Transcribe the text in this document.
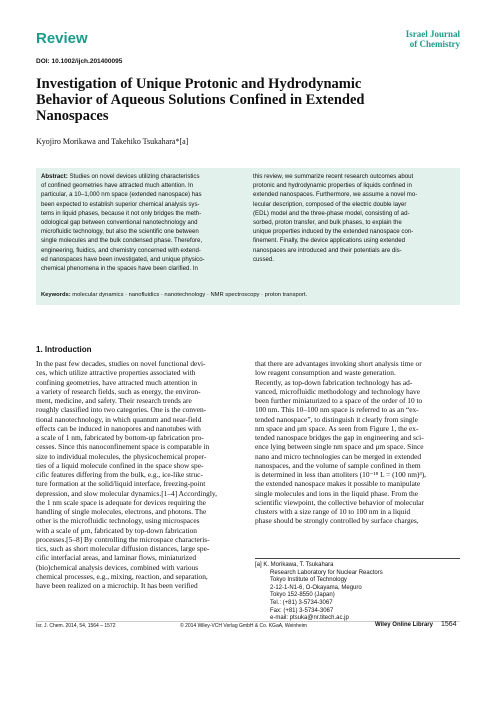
Review	Israel Journal
of Chemistry
DOI: 10.1002/ijch.201400095
Investigation of Unique Protonic and Hydrodynamic
Behavior of Aqueous Solutions Confined in Extended
Nanospaces
Kyojiro Morikawa and Takehiko Tsukahara*[a]
Abstract: Studies on novel devices utilizing characteristics
of confined geometries have attracted much attention. In
particular, a 10–1,000 nm space (extended nanospace) has
been expected to establish superior chemical analysis sys-
tems in liquid phases, because it not only bridges the meth-
odological gap between conventional nanotechnology and
microfluidic technology, but also the scientific one between
single molecules and the bulk condensed phase. Therefore,
engineering, fluidics, and chemistry concerned with extend-
ed nanospaces have been investigated, and unique physico-
chemical phenomena in the spaces have been clarified. In
this review, we summarize recent research outcomes about
protonic and hydrodynamic properties of liquids confined in
extended nanospaces. Furthermore, we assume a novel mo-
lecular description, composed of the electric double layer
(EDL) model and the three-phase model, consisting of ad-
sorbed, proton transfer, and bulk phases, to explain the
unique properties induced by the extended nanospace con-
finement. Finally, the device applications using extended
nanospaces are introduced and their potentials are dis-
cussed.
Keywords: molecular dynamics · nanofluidics · nanotechnology · NMR spectroscopy · proton transport.
1. Introduction
In the past few decades, studies on novel functional devi-
ces, which utilize attractive properties associated with
confining geometries, have attracted much attention in
a variety of research fields, such as energy, the environ-
ment, medicine, and safety. Their research trends are
roughly classified into two categories. One is the conven-
tional nanotechnology, in which quantum and near-field
effects can be induced in nanopores and nanotubes with
a scale of 1 nm, fabricated by bottom-up fabrication pro-
cesses. Since this nanoconfinement space is comparable in
size to individual molecules, the physicochemical proper-
ties of a liquid molecule confined in the space show spe-
cific features differing from the bulk, e.g., ice-like struc-
ture formation at the solid/liquid interface, freezing-point
depression, and slow molecular dynamics.[1–4] Accordingly,
the 1 nm scale space is adequate for devices requiring the
handling of single molecules, electrons, and photons. The
other is the microfluidic technology, using microspaces
with a scale of μm, fabricated by top-down fabrication
processes.[5–8] By controlling the microspace characteris-
tics, such as short molecular diffusion distances, large spe-
cific interfacial areas, and laminar flows, miniaturized
(bio)chemical analysis devices, combined with various
chemical processes, e.g., mixing, reaction, and separation,
have been realized on a microchip. It has been verified
that there are advantages invoking short analysis time or
low reagent consumption and waste generation.
Recently, as top-down fabrication technology has ad-
vanced, microfluidic methodology and technology have
been further miniaturized to a space of the order of 10 to
100 nm. This 10–100 nm space is referred to as an “ex-
tended nanospace”, to distinguish it clearly from single
nm space and μm space. As seen from Figure 1, the ex-
tended nanospace bridges the gap in engineering and sci-
ence lying between single nm space and μm space. Since
nano and micro technologies can be merged in extended
nanospaces, and the volume of sample confined in them
is determined in less than attoliters (10⁻¹⁸ L = (100 nm)³),
the extended nanospace makes it possible to manipulate
single molecules and ions in the liquid phase. From the
scientific viewpoint, the collective behavior of molecular
clusters with a size range of 10 to 100 nm in a liquid
phase should be strongly controlled by surface charges,
[a] K. Morikawa, T. Tsukahara
Research Laboratory for Nuclear Reactors
Tokyo Institute of Technology
2-12-1-N1-6, O-Okayama, Meguro
Tokyo 152-8550 (Japan)
Tel.: (+81) 3-5734-3067
Fax: (+81) 3-5734-3067
e-mail: ptsuka@nr.titech.ac.jp
Isr. J. Chem. 2014, 54, 1564 – 1572	© 2014 Wiley-VCH Verlag GmbH & Co. KGaA, Weinheim	Wiley Online Library 1564
